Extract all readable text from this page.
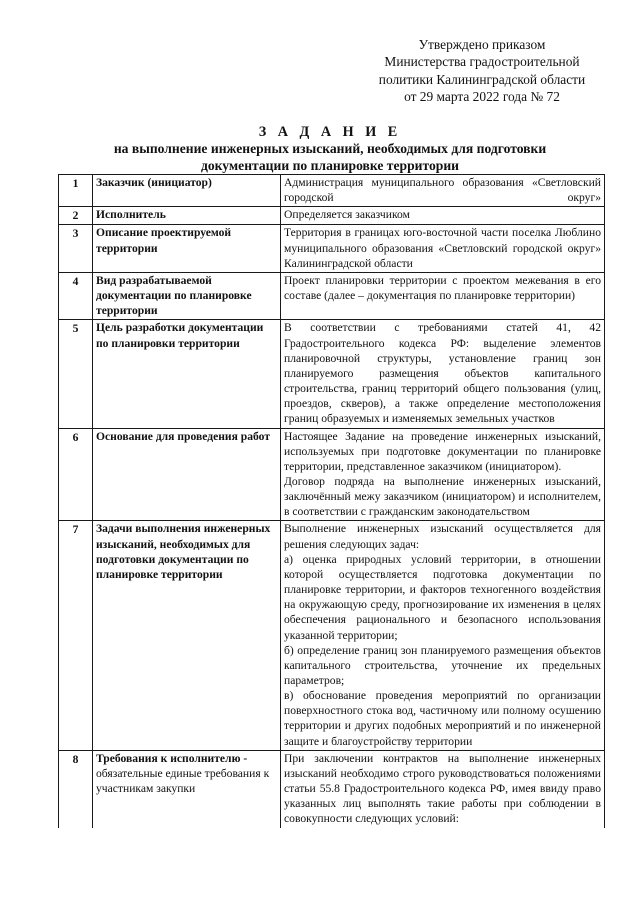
Утверждено приказом
Министерства градостроительной
политики Калининградской области
от 29 марта 2022 года № 72
З А Д А Н И Е
на выполнение инженерных изысканий, необходимых для подготовки
документации по планировке территории
1	Заказчик (инициатор)	Администрация муниципального образования «Светловский городской округ»
2	Исполнитель	Определяется заказчиком
3	Описание проектируемой территории	Территория в границах юго-восточной части поселка Люблино муниципального образования «Светловский городской округ» Калининградской области
4	Вид разрабатываемой документации по планировке территории	Проект планировки территории с проектом межевания в его составе (далее – документация по планировке территории)
5	Цель разработки документации по планировки территории	В соответствии с требованиями статей 41, 42 Градостроительного кодекса РФ: выделение элементов планировочной структуры, установление границ зон планируемого размещения объектов капитального строительства, границ территорий общего пользования (улиц, проездов, скверов), а также определение местоположения границ образуемых и изменяемых земельных участков
6	Основание для проведения работ	Настоящее Задание на проведение инженерных изысканий, используемых при подготовке документации по планировке территории, представленное заказчиком (инициатором).
Договор подряда на выполнение инженерных изысканий, заключённый межу заказчиком (инициатором) и исполнителем, в соответствии с гражданским законодательством

7	Задачи выполнения инженерных изысканий, необходимых для подготовки документации по планировке территории	Выполнение инженерных изысканий осуществляется для решения следующих задач:
а) оценка природных условий территории, в отношении которой осуществляется подготовка документации по планировке территории, и факторов техногенного воздействия на окружающую среду, прогнозирование их изменения в целях обеспечения рационального и безопасного использования указанной территории;
б) определение границ зон планируемого размещения объектов капитального строительства, уточнение их предельных параметров;
в) обоснование проведения мероприятий по организации поверхностного стока вод, частичному или полному осушению территории и других подобных мероприятий и по инженерной защите и благоустройству территории

8	Требования к исполнителю -
обязательные единые требования к участникам закупки	При заключении контрактов на выполнение инженерных изысканий необходимо строго руководствоваться положениями статьи 55.8 Градостроительного кодекса РФ, имея ввиду право указанных лиц выполнять такие работы при соблюдении в совокупности следующих условий:
